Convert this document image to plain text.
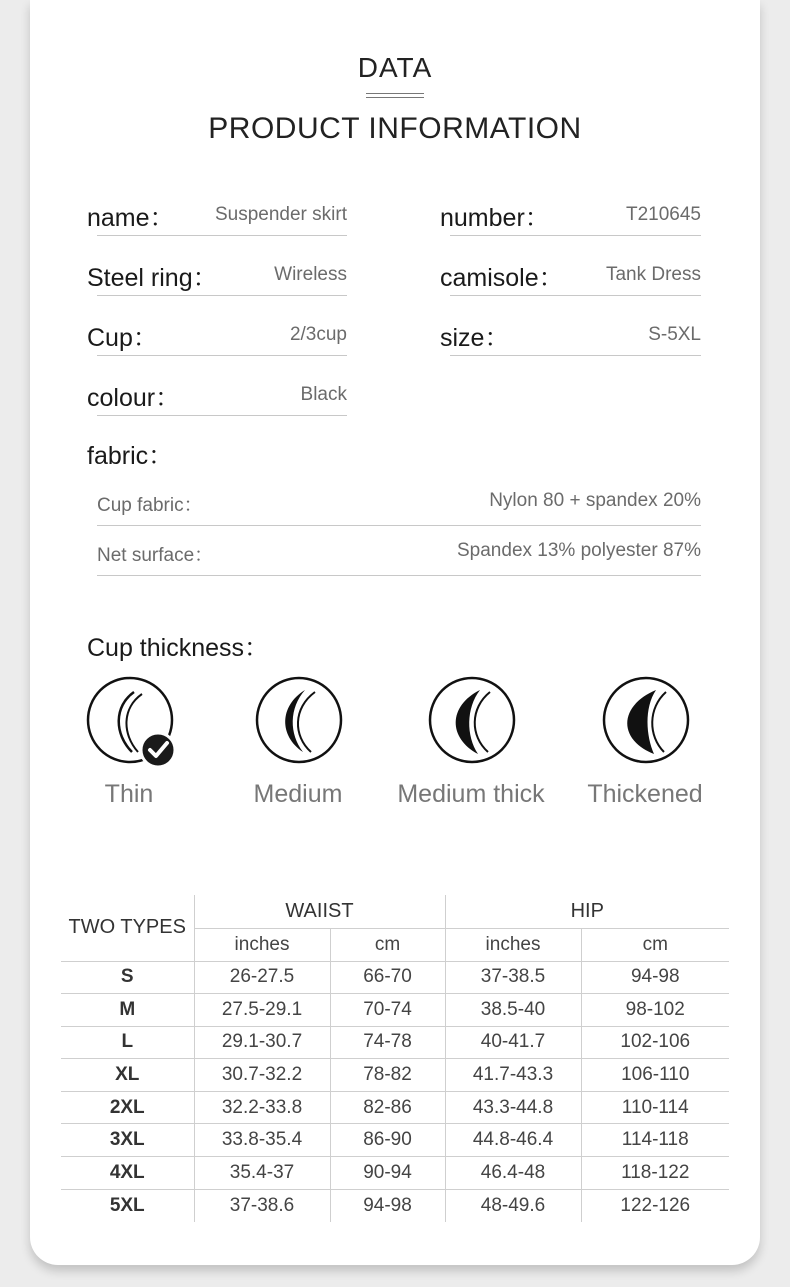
DATA
PRODUCT INFORMATION
name： Suspender skirt	number：	T210645
Steel ring：	Wireless	camisole： Tank Dress
Cup：	2/3cup	size：	S-5XL
colour：	Black
fabric：
Cup fabric：	Nylon 80 + spandex 20%
Net surface：	Spandex 13% polyester 87%
Cup thickness：
Thin	Medium	Medium thick	Thickened
TWO TYPES	WAIIST		HIP	
	inches	cm	inches	cm
S	26-27.5	66-70	37-38.5	94-98
M	27.5-29.1	70-74	38.5-40	98-102
L	29.1-30.7	74-78	40-41.7	102-106
XL	30.7-32.2	78-82	41.7-43.3	106-110
2XL	32.2-33.8	82-86	43.3-44.8	110-114
3XL	33.8-35.4	86-90	44.8-46.4	114-118
4XL	35.4-37	90-94	46.4-48	118-122
5XL	37-38.6	94-98	48-49.6	122-126
